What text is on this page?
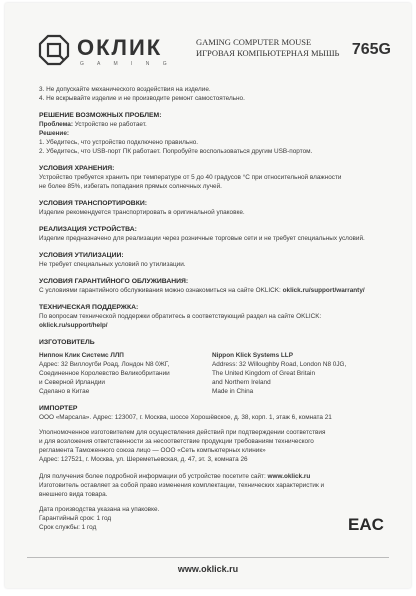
ОКЛИК
G A M I N G
GAMING COMPUTER MOUSE
ИГРОВАЯ КОМПЬЮТЕРНАЯ МЫШЬ 765G
3. Не допускайте механического воздействия на изделие.
4. Не вскрывайте изделие и не производите ремонт самостоятельно.
РЕШЕНИЕ ВОЗМОЖНЫХ ПРОБЛЕМ:
Проблема: Устройство не работает.
Решение:
1. Убедитесь, что устройство подключено правильно.
2. Убедитесь, что USB-порт ПК работает. Попробуйте воспользоваться другим USB-портом.
УСЛОВИЯ ХРАНЕНИЯ:
Устройство требуется хранить при температуре от 5 до 40 градусов °С при относительной влажности
не более 85%, избегать попадания прямых солнечных лучей.
УСЛОВИЯ ТРАНСПОРТИРОВКИ:
Изделие рекомендуется транспортировать в оригинальной упаковке.
РЕАЛИЗАЦИЯ УСТРОЙСТВА:
Изделие предназначено для реализации через розничные торговые сети и не требует специальных условий.
УСЛОВИЯ УТИЛИЗАЦИИ:
Не требует специальных условий по утилизации.
УСЛОВИЯ ГАРАНТИЙНОГО ОБЛУЖИВАНИЯ:
С условиями гарантийного обслуживания можно ознакомиться на сайте OKLICK: oklick.ru/support/warranty/
ТЕХНИЧЕСКАЯ ПОДДЕРЖКА:
По вопросам технической поддержки обратитесь в соответствующий раздел на сайте OKLICK:
oklick.ru/support/help/
ИЗГОТОВИТЕЛЬ
Ниппон Клик Системс ЛЛП
Адрес: 32 Виллоугби Роад, Лондон N8 0ЖГ,
Соединенное Королевство Великобритании
и Северной Ирландии
Сделано в Китае
Nippon Klick Systems LLP
Address: 32 Willoughby Road, London N8 0JG,
The United Kingdom of Great Britain
and Northern Ireland
Made in China
ИМПОРТЕР
ООО «Марсала». Адрес: 123007, г. Москва, шоссе Хорошёвское, д. 38, корп. 1, этаж 6, комната 21
Уполномоченное изготовителем для осуществления действий при подтверждении соответствия
и для возложения ответственности за несоответствие продукции требованиям технического
регламента Таможенного союза лицо — ООО «Сеть компьютерных клиник»
Адрес: 127521, г. Москва, ул. Шереметьевская, д. 47, эт. 3, комната 26
Для получения более подробной информации об устройстве посетите сайт: www.oklick.ru
Изготовитель оставляет за собой право изменения комплектации, технических характеристик и
внешнего вида товара.
Дата производства указана на упаковке.
Гарантийный срок: 1 год
Срок службы: 1 год	EAC
www.oklick.ru
